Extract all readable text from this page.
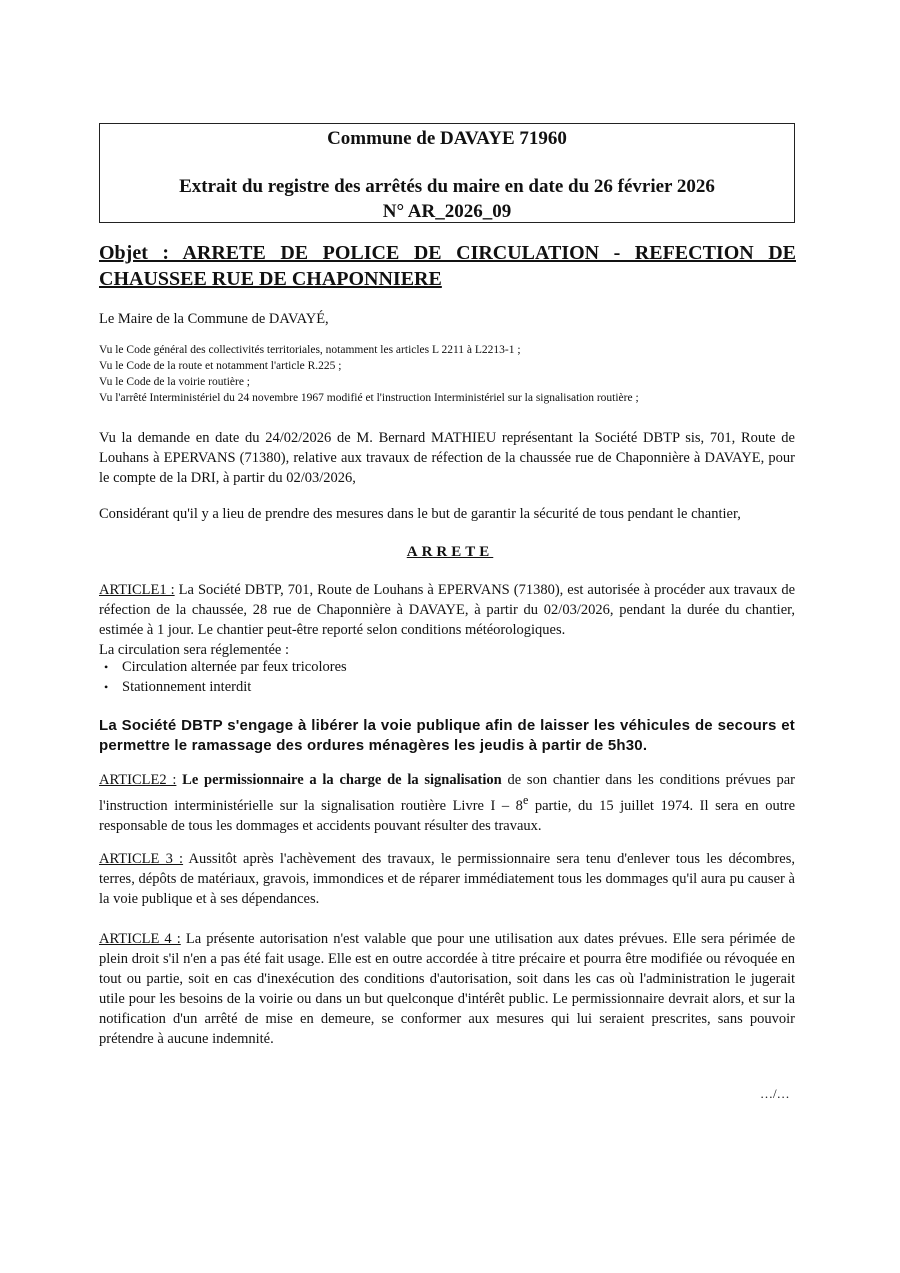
Commune de DAVAYE 71960
Extrait du registre des arrêtés du maire en date du 26 février 2026
N° AR_2026_09
Objet : ARRETE DE POLICE DE CIRCULATION - REFECTION DE CHAUSSEE RUE DE CHAPONNIERE
Le Maire de la Commune de DAVAYÉ,
Vu le Code général des collectivités territoriales, notamment les articles L 2211 à L2213-1 ;
Vu le Code de la route et notamment l'article R.225 ;
Vu le Code de la voirie routière ;
Vu l'arrêté Interministériel du 24 novembre 1967 modifié et l'instruction Interministériel sur la signalisation routière ;
Vu la demande en date du 24/02/2026 de M. Bernard MATHIEU représentant la Société DBTP sis, 701, Route de Louhans à EPERVANS (71380), relative aux travaux de réfection de la chaussée rue de Chaponnière à DAVAYE, pour le compte de la DRI, à partir du 02/03/2026,
Considérant qu'il y a lieu de prendre des mesures dans le but de garantir la sécurité de tous pendant le chantier,
ARRETE
ARTICLE1 : La Société DBTP, 701, Route de Louhans à EPERVANS (71380), est autorisée à procéder aux travaux de réfection de la chaussée, 28 rue de Chaponnière à DAVAYE, à partir du 02/03/2026, pendant la durée du chantier, estimée à 1 jour. Le chantier peut-être reporté selon conditions météorologiques.
La circulation sera réglementée :
• Circulation alternée par feux tricolores
• Stationnement interdit
La Société DBTP s'engage à libérer la voie publique afin de laisser les véhicules de secours et permettre le ramassage des ordures ménagères les jeudis à partir de 5h30.
ARTICLE2 : Le permissionnaire a la charge de la signalisation de son chantier dans les conditions prévues par l'instruction interministérielle sur la signalisation routière Livre I – 8e partie, du 15 juillet 1974. Il sera en outre responsable de tous les dommages et accidents pouvant résulter des travaux.
ARTICLE 3 : Aussitôt après l'achèvement des travaux, le permissionnaire sera tenu d'enlever tous les décombres, terres, dépôts de matériaux, gravois, immondices et de réparer immédiatement tous les dommages qu'il aura pu causer à la voie publique et à ses dépendances.
ARTICLE 4 : La présente autorisation n'est valable que pour une utilisation aux dates prévues. Elle sera périmée de plein droit s'il n'en a pas été fait usage. Elle est en outre accordée à titre précaire et pourra être modifiée ou révoquée en tout ou partie, soit en cas d'inexécution des conditions d'autorisation, soit dans les cas où l'administration le jugerait utile pour les besoins de la voirie ou dans un but quelconque d'intérêt public. Le permissionnaire devrait alors, et sur la notification d'un arrêté de mise en demeure, se conformer aux mesures qui lui seraient prescrites, sans pouvoir prétendre à aucune indemnité.
…/…
